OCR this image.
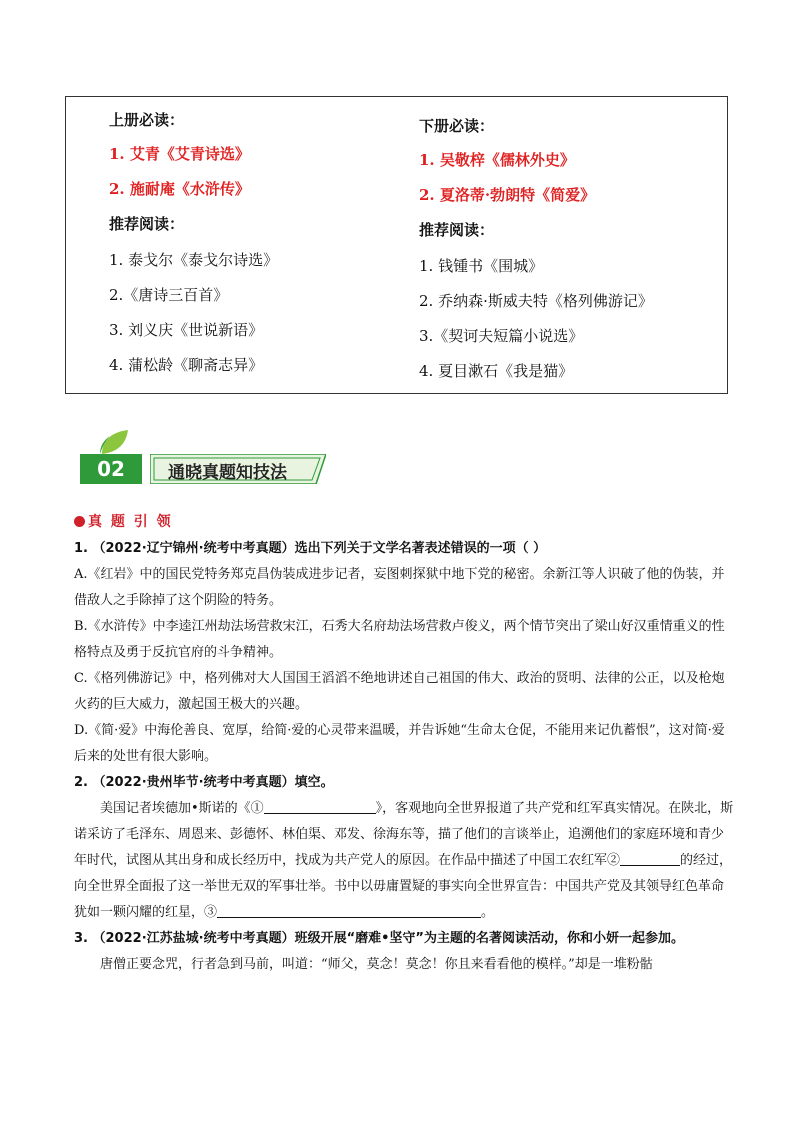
上册必读：
1. 艾青《艾青诗选》
2. 施耐庵《水浒传》
推荐阅读：
1. 泰戈尔《泰戈尔诗选》
2.《唐诗三百首》
3. 刘义庆《世说新语》
4. 蒲松龄《聊斋志异》
下册必读：
1. 吴敬梓《儒林外史》
2. 夏洛蒂·勃朗特《简爱》
推荐阅读：
1. 钱锺书《围城》
2. 乔纳森·斯威夫特《格列佛游记》
3.《契诃夫短篇小说选》
4. 夏目漱石《我是猫》
02	通晓真题知技法

真 题 引 领

1. （2022·辽宁锦州·统考中考真题）选出下列关于文学名著表述错误的一项（ ）

A.《红岩》中的国民党特务郑克昌伪装成进步记者，妄图刺探狱中地下党的秘密。余新江等人识破了他的伪装，并借敌人之手除掉了这个阴险的特务。

B.《水浒传》中李逵江州劫法场营救宋江，石秀大名府劫法场营救卢俊义，两个情节突出了梁山好汉重情重义的性格特点及勇于反抗官府的斗争精神。

C.《格列佛游记》中，格列佛对大人国国王滔滔不绝地讲述自己祖国的伟大、政治的贤明、法律的公正，以及枪炮火药的巨大威力，激起国王极大的兴趣。

D.《简·爱》中海伦善良、宽厚，给简·爱的心灵带来温暖，并告诉她“生命太仓促，不能用来记仇蓄恨”，这对简·爱后来的处世有很大影响。

2. （2022·贵州毕节·统考中考真题）填空。

美国记者埃德加•斯诺的《①	》，客观地向全世界报道了共产党和红军真实情况。在陕北，斯诺采访了毛泽东、周恩来、彭德怀、林伯渠、邓发、徐海东等，描了他们的言谈举止，追溯他们的家庭环境和青少年时代，试图从其出身和成长经历中，找成为共产党人的原因。在作品中描述了中国工农红军②	的经过，向全世界全面报了这一举世无双的军事壮举。书中以毋庸置疑的事实向全世界宣告：中国共产党及其领导红色革命犹如一颗闪耀的红星，③	。

3. （2022·江苏盐城·统考中考真题）班级开展“磨难•坚守”为主题的名著阅读活动，你和小妍一起参加。

唐僧正要念咒，行者急到马前，叫道：“师父，莫念！莫念！你且来看看他的模样。”却是一堆粉骷
